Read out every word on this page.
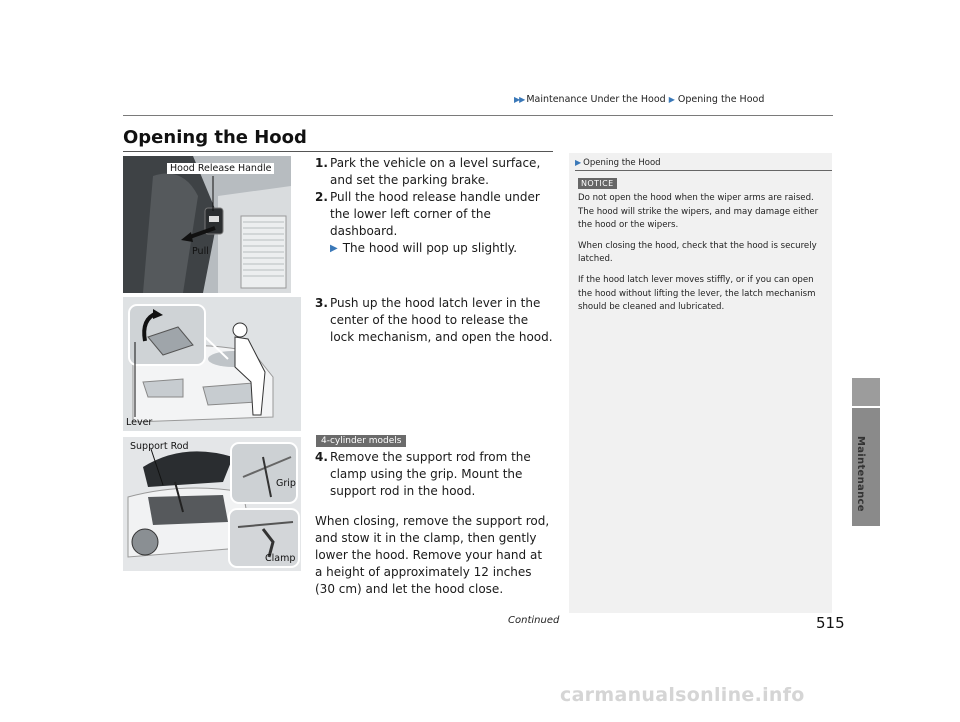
▶▶ Maintenance Under the Hood ▶ Opening the Hood
Maintenance
Opening the Hood
Hood Release Handle
Pull
Lever
Support Rod
Grip
Clamp
1. Park the vehicle on a level surface, and set the parking brake.
2. Pull the hood release handle under the lower left corner of the dashboard.
▶ The hood will pop up slightly.
3. Push up the hood latch lever in the center of the hood to release the lock mechanism, and open the hood.
4-cylinder models
4. Remove the support rod from the clamp using the grip. Mount the support rod in the hood.
When closing, remove the support rod, and stow it in the clamp, then gently lower the hood. Remove your hand at a height of approximately 12 inches (30 cm) and let the hood close.
▶ Opening the Hood
NOTICE

Do not open the hood when the wiper arms are raised. The hood will strike the wipers, and may damage either the hood or the wipers.

When closing the hood, check that the hood is securely latched.

If the hood latch lever moves stiffly, or if you can open the hood without lifting the lever, the latch mechanism should be cleaned and lubricated.

Continued	515
carmanualsonline.info
